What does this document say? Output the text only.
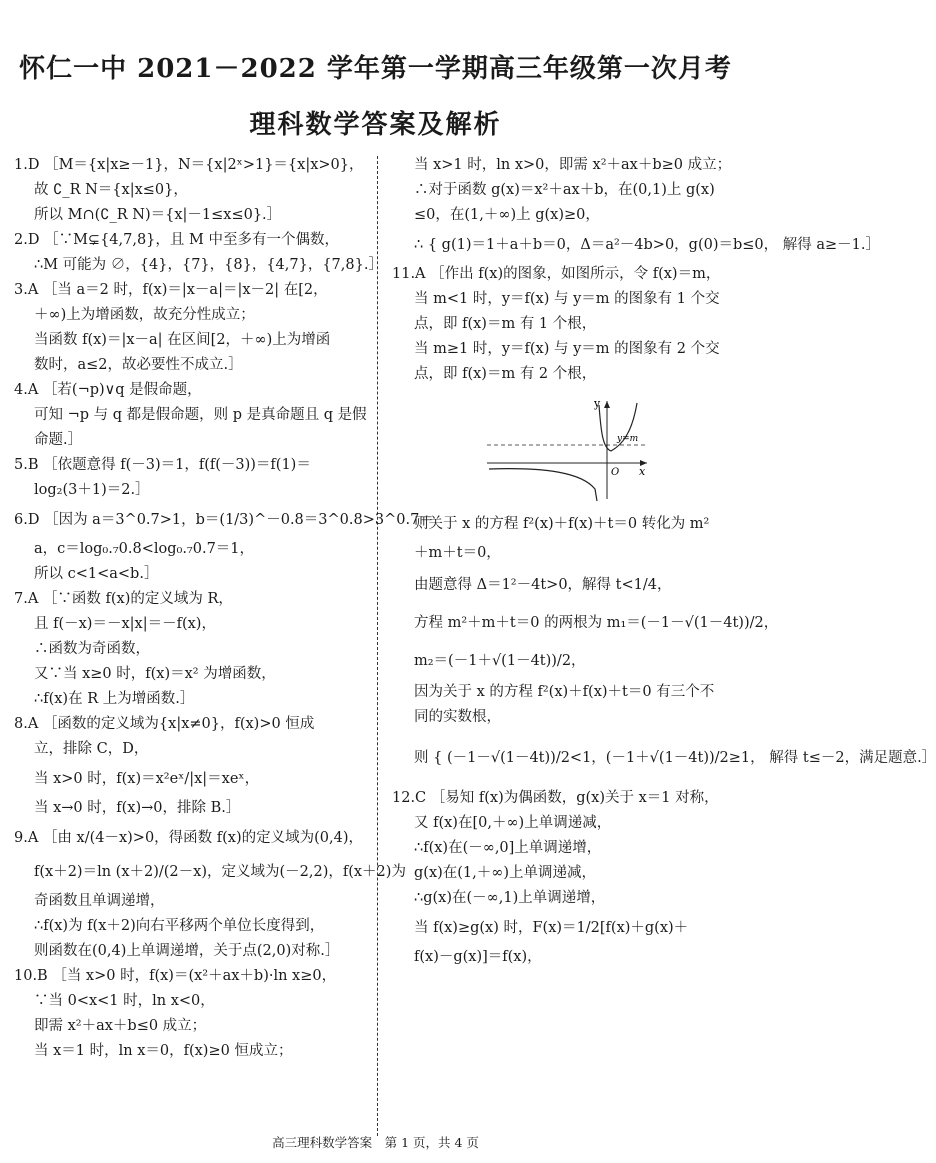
怀仁一中 2021－2022 学年第一学期高三年级第一次月考
理科数学答案及解析
1.D ［M＝{x|x≥－1}，N＝{x|2ˣ>1}＝{x|x>0}，
故 ∁_R N＝{x|x≤0}，
所以 M∩(∁_R N)＝{x|－1≤x≤0}.］
2.D ［∵M⊊{4,7,8}，且 M 中至多有一个偶数，
∴M 可能为 ∅，{4}，{7}，{8}，{4,7}，{7,8}.］
3.A ［当 a＝2 时，f(x)＝|x－a|＝|x－2| 在[2，
＋∞)上为增函数，故充分性成立；
当函数 f(x)＝|x－a| 在区间[2，＋∞)上为增函
数时，a≤2，故必要性不成立.］
4.A ［若(¬p)∨q 是假命题，
可知 ¬p 与 q 都是假命题，则 p 是真命题且 q 是假
命题.］
5.B ［依题意得 f(－3)＝1，f(f(－3))＝f(1)＝
log₂(3＋1)＝2.］
6.D ［因为 a＝3^0.7>1，b＝(1/3)^－0.8＝3^0.8>3^0.7＝
a，c＝log₀.₇0.8<log₀.₇0.7＝1，
所以 c<1<a<b.］
7.A ［∵函数 f(x)的定义域为 R，
且 f(－x)＝－x|x|＝－f(x)，
∴函数为奇函数，
又∵当 x≥0 时，f(x)＝x² 为增函数，
∴f(x)在 R 上为增函数.］
8.A ［函数的定义域为{x|x≠0}，f(x)>0 恒成
立，排除 C，D，
当 x>0 时，f(x)＝x²eˣ/|x|＝xeˣ，
当 x→0 时，f(x)→0，排除 B.］
9.A ［由 x/(4－x)>0，得函数 f(x)的定义域为(0,4)，
f(x＋2)＝ln (x＋2)/(2－x)，定义域为(－2,2)，f(x＋2)为
奇函数且单调递增，
∴f(x)为 f(x＋2)向右平移两个单位长度得到，
则函数在(0,4)上单调递增，关于点(2,0)对称.］
10.B ［当 x>0 时，f(x)＝(x²＋ax＋b)·ln x≥0，
∵当 0<x<1 时，ln x<0，
即需 x²＋ax＋b≤0 成立；
当 x＝1 时，ln x＝0，f(x)≥0 恒成立；
当 x>1 时，ln x>0，即需 x²＋ax＋b≥0 成立；
∴对于函数 g(x)＝x²＋ax＋b，在(0,1)上 g(x)
≤0，在(1,＋∞)上 g(x)≥0，
∴ { g(1)＝1＋a＋b＝0，Δ＝a²－4b>0，g(0)＝b≤0， 解得 a≥－1.］
11.A ［作出 f(x)的图象，如图所示，令 f(x)＝m，
当 m<1 时，y＝f(x) 与 y＝m 的图象有 1 个交
点，即 f(x)＝m 有 1 个根，
当 m≥1 时，y＝f(x) 与 y＝m 的图象有 2 个交
点，即 f(x)＝m 有 2 个根，
y
x
O
y=m
则关于 x 的方程 f²(x)＋f(x)＋t＝0 转化为 m²
＋m＋t＝0，
由题意得 Δ＝1²－4t>0，解得 t<1/4，
方程 m²＋m＋t＝0 的两根为 m₁＝(－1－√(1－4t))/2，
m₂＝(－1＋√(1－4t))/2，
因为关于 x 的方程 f²(x)＋f(x)＋t＝0 有三个不
同的实数根，
则 { (－1－√(1－4t))/2<1，(－1＋√(1－4t))/2≥1， 解得 t≤－2，满足题意.］
12.C ［易知 f(x)为偶函数，g(x)关于 x＝1 对称，
又 f(x)在[0,＋∞)上单调递减，
∴f(x)在(－∞,0]上单调递增，
g(x)在(1,＋∞)上单调递减，
∴g(x)在(－∞,1)上单调递增，
当 f(x)≥g(x) 时，F(x)＝1/2[f(x)＋g(x)＋
f(x)－g(x)]＝f(x)，
高三理科数学答案　第 1 页，共 4 页
